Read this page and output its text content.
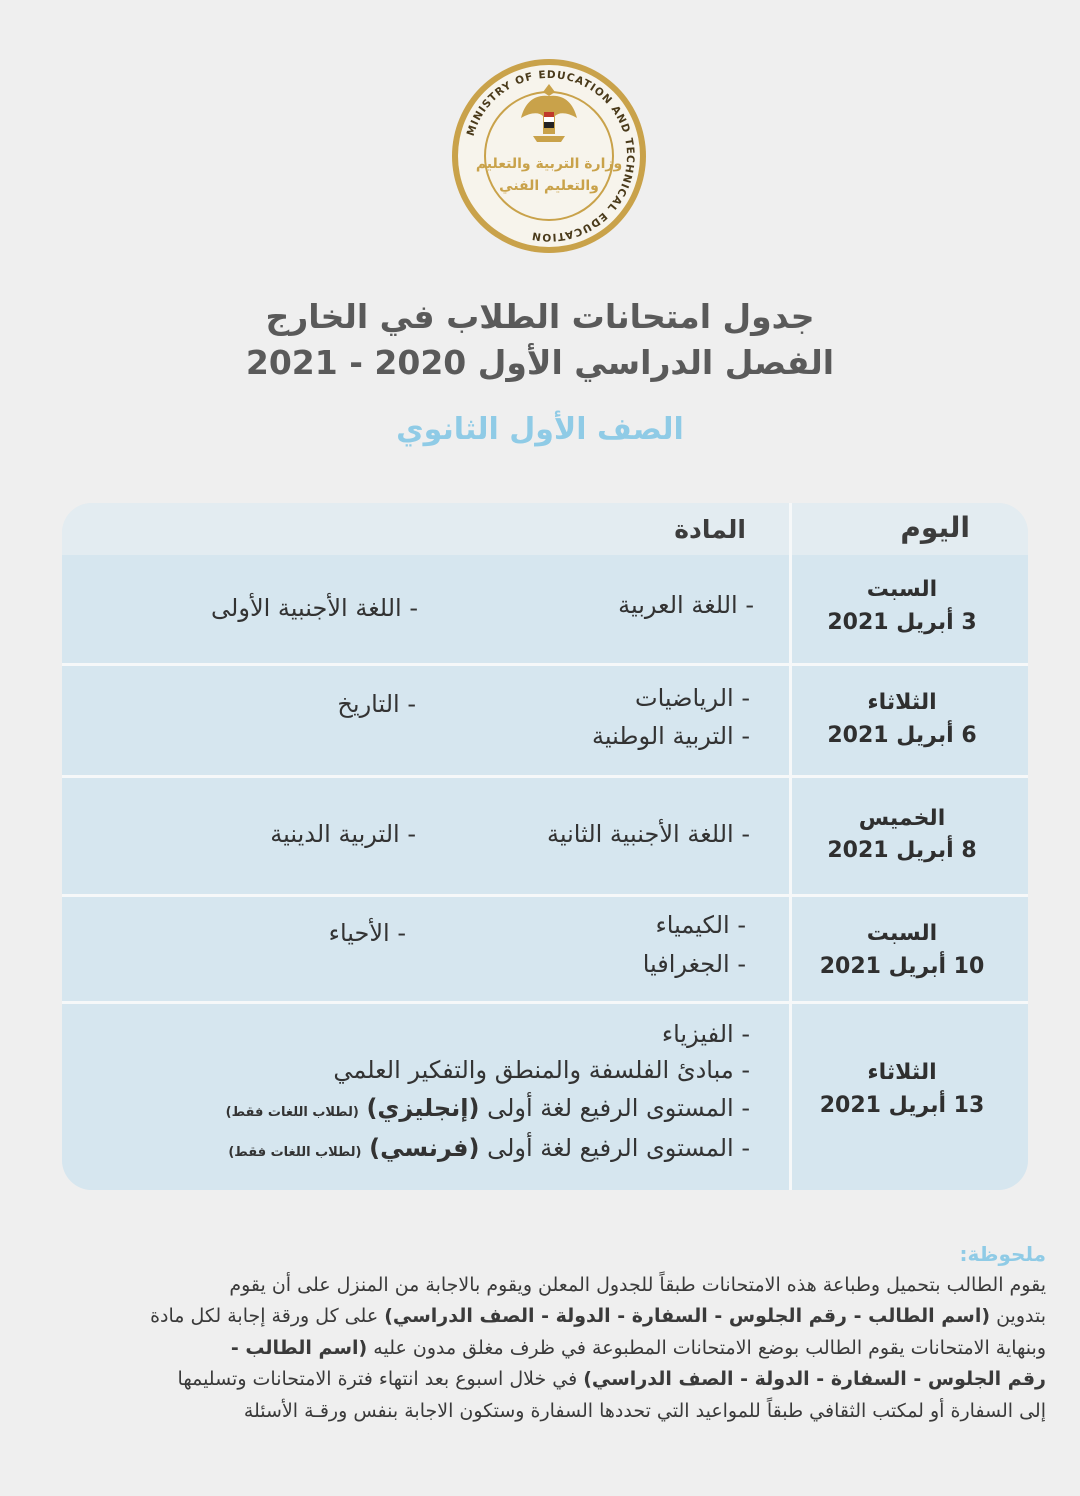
MINISTRY OF EDUCATION AND TECHNICAL EDUCATION
وزارة التربية والتعليم
والتعليم الفني
جدول امتحانات الطلاب في الخارج
الفصل الدراسي الأول 2020 - 2021
الصف الأول الثانوي
اليوم
المادة
السبت
3 أبريل 2021
- اللغة العربية
- اللغة الأجنبية الأولى
الثلاثاء
6 أبريل 2021
- الرياضيات
- التربية الوطنية
- التاريخ
الخميس
8 أبريل 2021
- اللغة الأجنبية الثانية
- التربية الدينية
السبت
10 أبريل 2021
- الكيمياء
- الجغرافيا
- الأحياء
الثلاثاء
13 أبريل 2021
- الفيزياء
- مبادئ الفلسفة والمنطق والتفكير العلمي
- المستوى الرفيع لغة أولى (إنجليزي) (لطلاب اللغات فقط)
- المستوى الرفيع لغة أولى (فرنسي) (لطلاب اللغات فقط)
ملحوظة:
يقوم الطالب بتحميل وطباعة هذه الامتحانات طبقاً للجدول المعلن ويقوم بالاجابة من المنزل على أن يقوم
بتدوين (اسم الطالب - رقم الجلوس - السفارة - الدولة - الصف الدراسي) على كل ورقة إجابة لكل مادة
وبنهاية الامتحانات يقوم الطالب بوضع الامتحانات المطبوعة في ظرف مغلق مدون عليه (اسم الطالب -
رقم الجلوس - السفارة - الدولة - الصف الدراسي) في خلال اسبوع بعد انتهاء فترة الامتحانات وتسليمها
إلى السفارة أو لمكتب الثقافي طبقاً للمواعيد التي تحددها السفارة وستكون الاجابة بنفس ورقـة الأسئلة
